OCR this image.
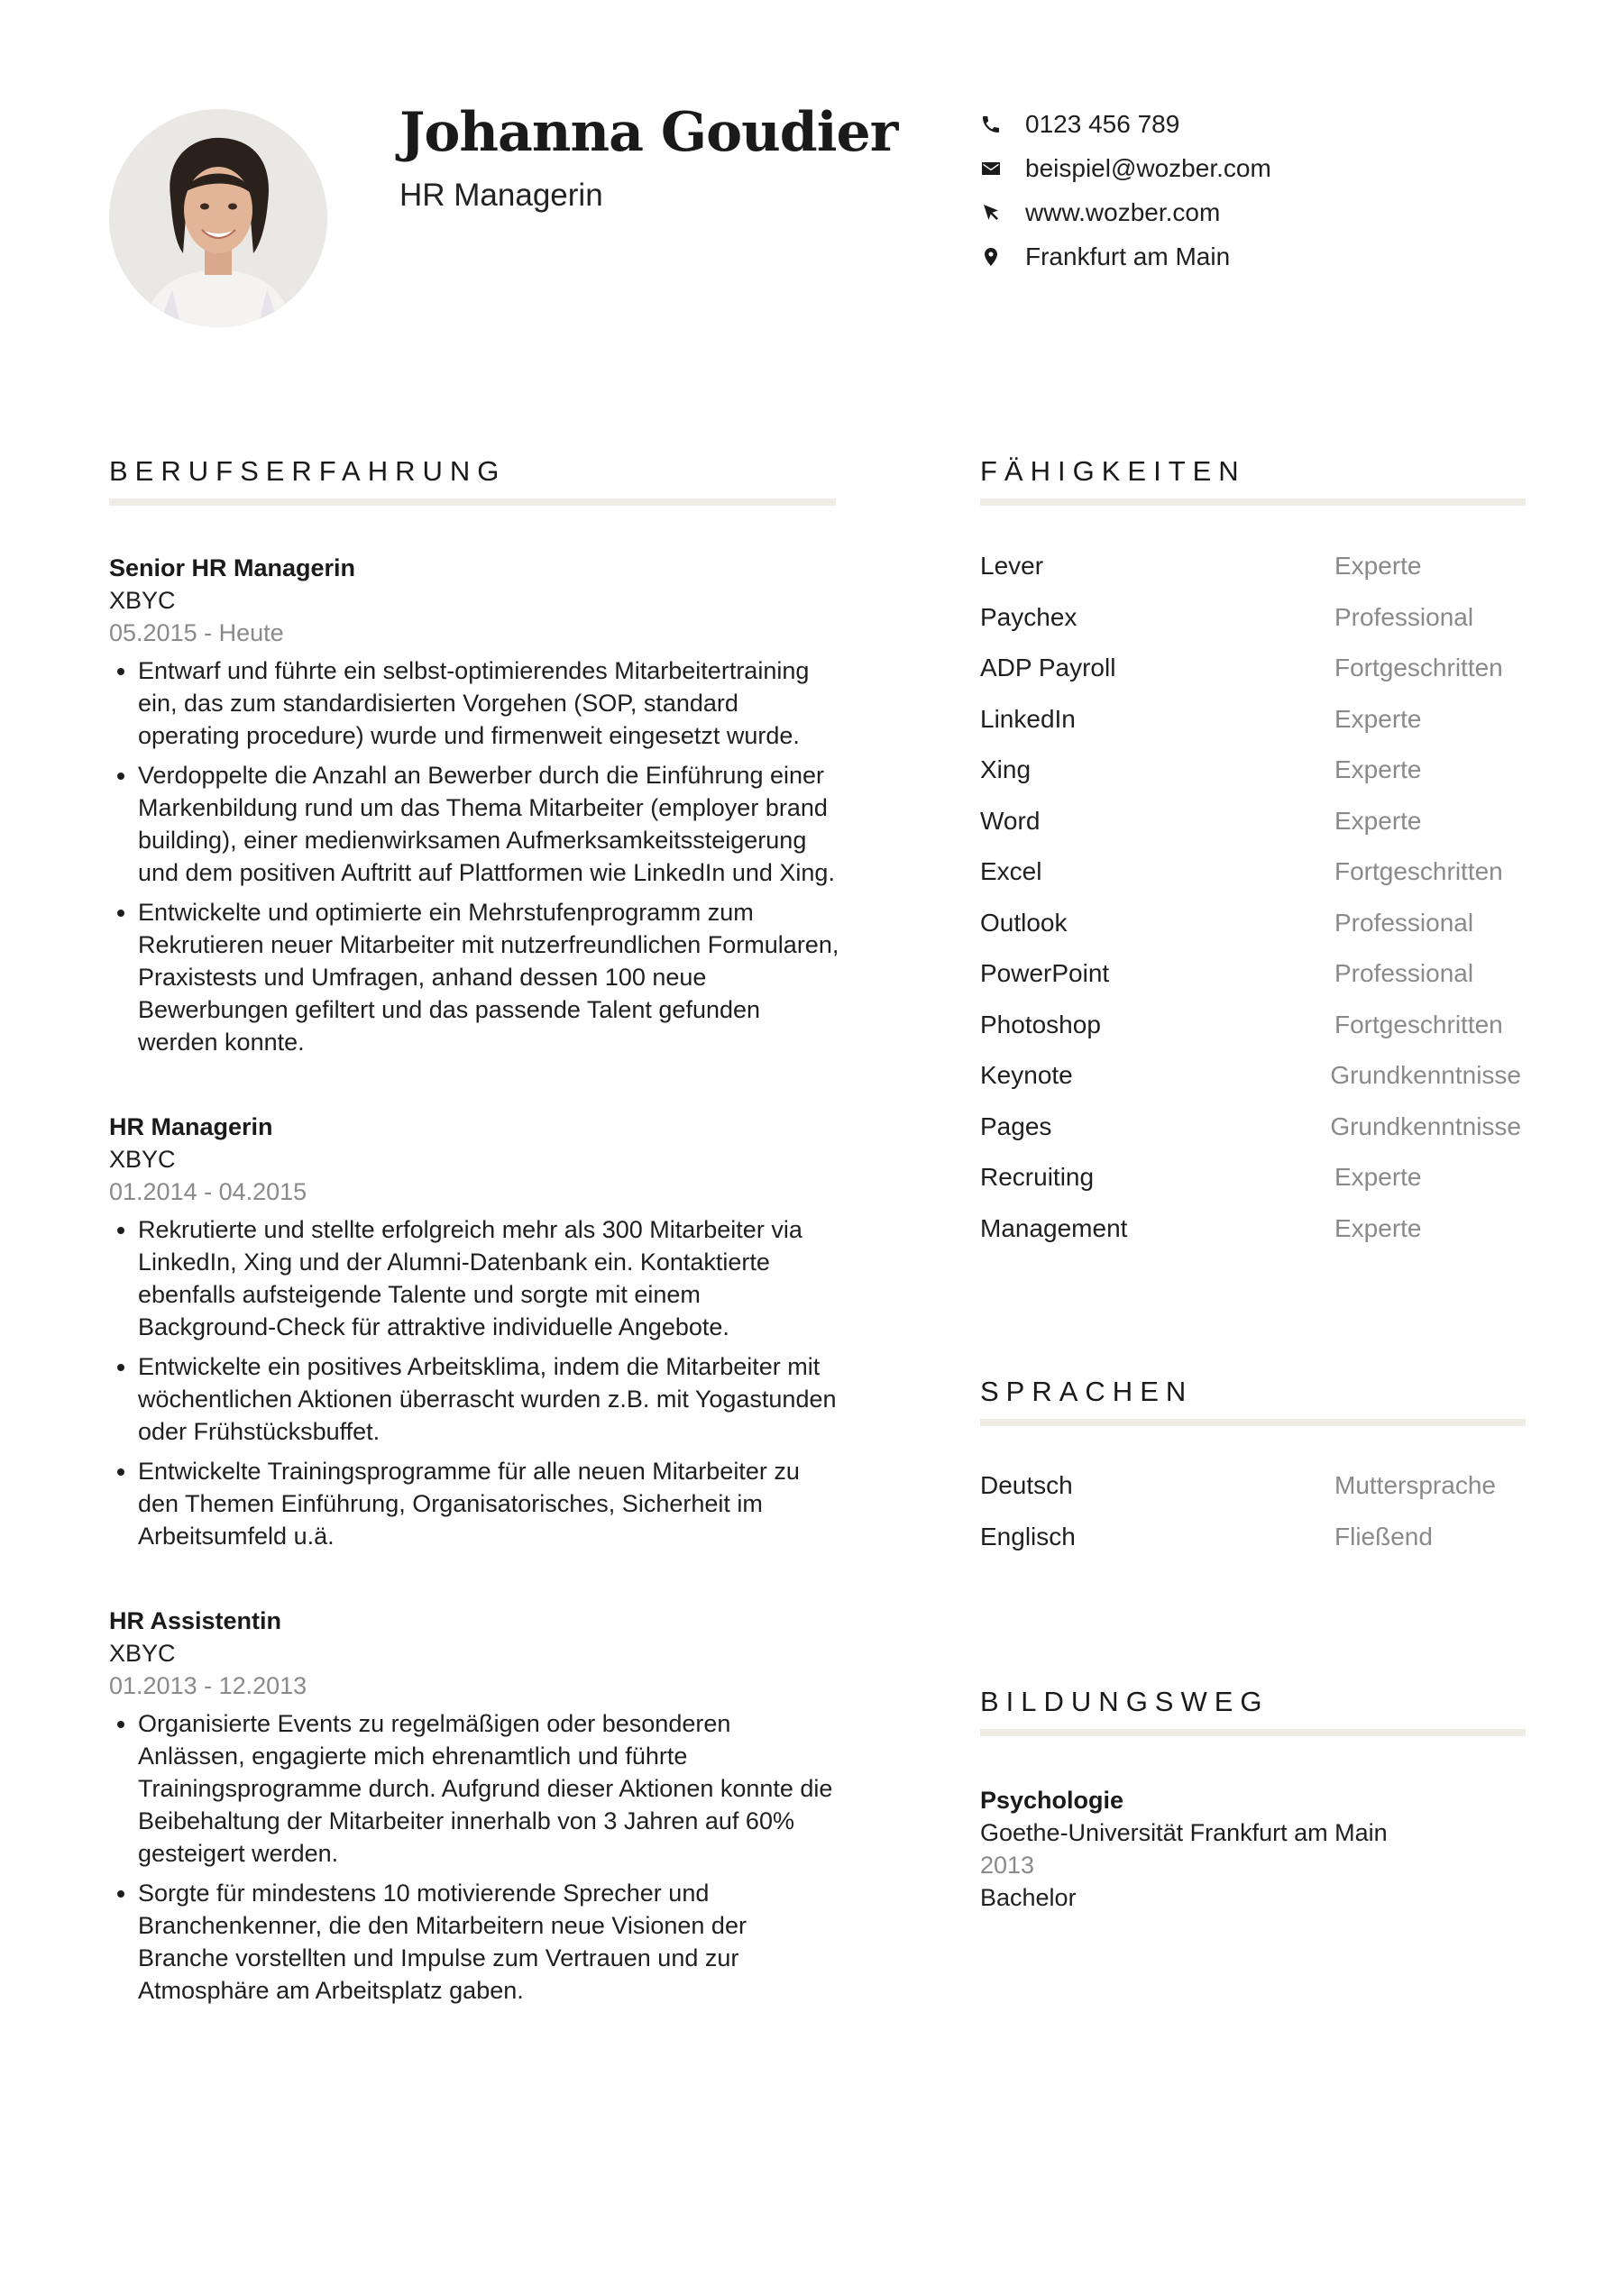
Johanna Goudier

HR Managerin

0123 456 789
beispiel@wozber.com
www.wozber.com
Frankfurt am Main
BERUFSERFAHRUNG
Senior HR Managerin
XBYC
05.2015 - Heute
• Entwarf und führte ein selbst-optimierendes Mitarbeitertraining ein, das zum standardisierten Vorgehen (SOP, standard operating procedure) wurde und firmenweit eingesetzt wurde.
• Verdoppelte die Anzahl an Bewerber durch die Einführung einer Markenbildung rund um das Thema Mitarbeiter (employer brand building), einer medienwirksamen Aufmerksamkeitssteigerung und dem positiven Auftritt auf Plattformen wie LinkedIn und Xing.
• Entwickelte und optimierte ein Mehrstufenprogramm zum Rekrutieren neuer Mitarbeiter mit nutzerfreundlichen Formularen, Praxistests und Umfragen, anhand dessen 100 neue Bewerbungen gefiltert und das passende Talent gefunden werden konnte.
HR Managerin
XBYC
01.2014 - 04.2015
• Rekrutierte und stellte erfolgreich mehr als 300 Mitarbeiter via LinkedIn, Xing und der Alumni-Datenbank ein. Kontaktierte ebenfalls aufsteigende Talente und sorgte mit einem Background-Check für attraktive individuelle Angebote.
• Entwickelte ein positives Arbeitsklima, indem die Mitarbeiter mit wöchentlichen Aktionen überrascht wurden z.B. mit Yogastunden oder Frühstücksbuffet.
• Entwickelte Trainingsprogramme für alle neuen Mitarbeiter zu den Themen Einführung, Organisatorisches, Sicherheit im Arbeitsumfeld u.ä.
HR Assistentin
XBYC
01.2013 - 12.2013
• Organisierte Events zu regelmäßigen oder besonderen Anlässen, engagierte mich ehrenamtlich und führte Trainingsprogramme durch. Aufgrund dieser Aktionen konnte die Beibehaltung der Mitarbeiter innerhalb von 3 Jahren auf 60% gesteigert werden.
• Sorgte für mindestens 10 motivierende Sprecher und Branchenkenner, die den Mitarbeitern neue Visionen der Branche vorstellten und Impulse zum Vertrauen und zur Atmosphäre am Arbeitsplatz gaben.
FÄHIGKEITEN
Lever	Experte
Paychex	Professional
ADP Payroll	Fortgeschritten
LinkedIn	Experte
Xing	Experte
Word	Experte
Excel	Fortgeschritten
Outlook	Professional
PowerPoint	Professional
Photoshop	Fortgeschritten
Keynote	Grundkenntnisse
Pages	Grundkenntnisse
Recruiting	Experte
Management	Experte
SPRACHEN
Deutsch	Muttersprache
Englisch	Fließend
BILDUNGSWEG
Psychologie
Goethe-Universität Frankfurt am Main
2013
Bachelor
